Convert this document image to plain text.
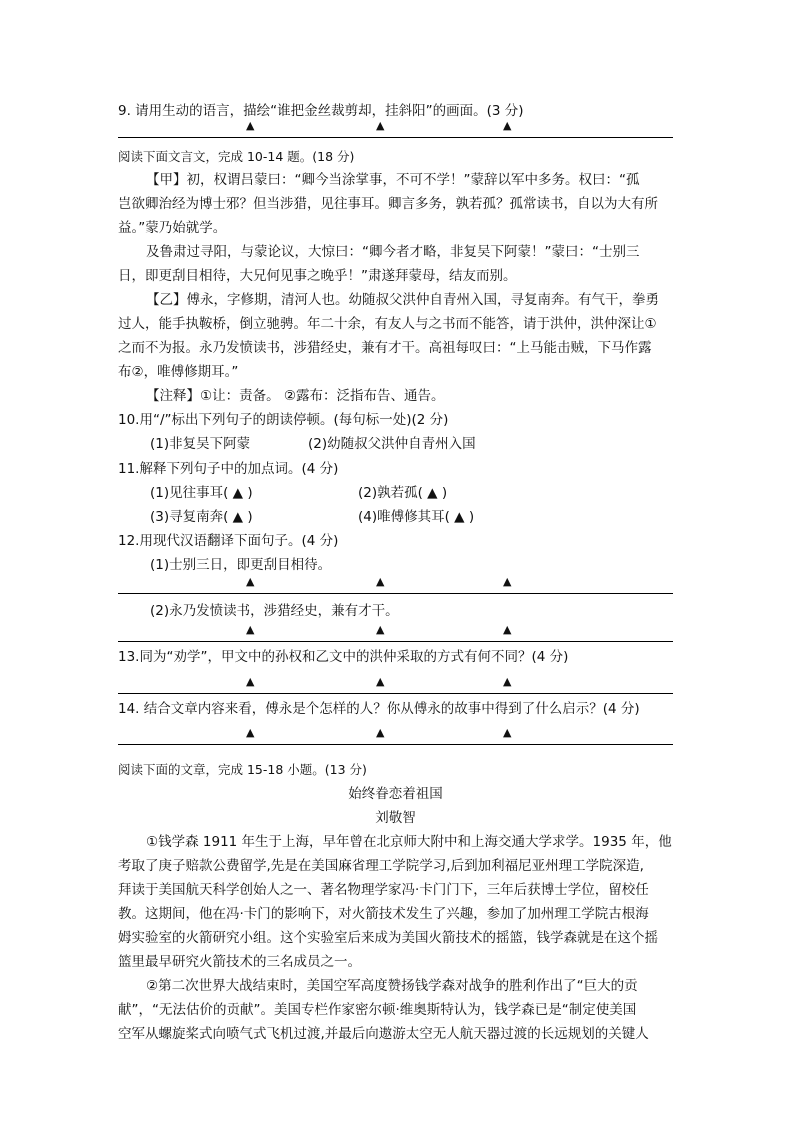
9. 请用生动的语言，描绘“谁把金丝裁剪却，挂斜阳”的画面。(3 分)
▲	▲	▲
阅读下面文言文，完成 10-14 题。(18 分)
【甲】初，权谓吕蒙曰：“卿今当涂掌事，不可不学！”蒙辞以军中多务。权曰：“孤
岂欲卿治经为博士邪？但当涉猎，见往事耳。卿言多务，孰若孤？孤常读书，自以为大有所
益。”蒙乃始就学。
及鲁肃过寻阳，与蒙论议，大惊曰：“卿今者才略，非复吴下阿蒙！”蒙曰：“士别三
日，即更刮目相待，大兄何见事之晚乎！”肃遂拜蒙母，结友而别。
【乙】傅永，字修期，清河人也。幼随叔父洪仲自青州入国，寻复南奔。有气干，拳勇
过人，能手执鞍桥，倒立驰骋。年二十余，有友人与之书而不能答，请于洪仲，洪仲深让①
之而不为报。永乃发愤读书，涉猎经史，兼有才干。高祖每叹曰：“上马能击贼，下马作露
布②，唯傅修期耳。”
【注释】①让：责备。 ②露布：泛指布告、通告。
10.用“/”标出下列句子的朗读停顿。(每句标一处)(2 分)
(1)非复吴下阿蒙	(2)幼随叔父洪仲自青州入国
11.解释下列句子中的加点词。(4 分)
(1)见往事耳( ▲ )	(2)孰若孤( ▲ )
(3)寻复南奔( ▲ )	(4)唯傅修其耳( ▲ )
12.用现代汉语翻译下面句子。(4 分)
(1)士别三日，即更刮目相待。
▲	▲	▲
(2)永乃发愤读书，涉猎经史，兼有才干。
▲	▲	▲
13.同为“劝学”，甲文中的孙权和乙文中的洪仲采取的方式有何不同？(4 分)
▲	▲	▲
14. 结合文章内容来看，傅永是个怎样的人？你从傅永的故事中得到了什么启示？(4 分)
▲	▲	▲
阅读下面的文章，完成 15-18 小题。(13 分)
始终眷恋着祖国
刘敬智
①钱学森 1911 年生于上海，早年曾在北京师大附中和上海交通大学求学。1935 年，他
考取了庚子赔款公费留学,先是在美国麻省理工学院学习,后到加利福尼亚州理工学院深造,
拜读于美国航天科学创始人之一、著名物理学家冯·卡门门下，三年后获博士学位，留校任
教。这期间，他在冯·卡门的影响下，对火箭技术发生了兴趣，参加了加州理工学院古根海
姆实验室的火箭研究小组。这个实验室后来成为美国火箭技术的摇篮，钱学森就是在这个摇
篮里最早研究火箭技术的三名成员之一。
②第二次世界大战结束时，美国空军高度赞扬钱学森对战争的胜利作出了“巨大的贡
献”，“无法估价的贡献”。美国专栏作家密尔顿·维奥斯特认为，钱学森已是“制定使美国
空军从螺旋桨式向喷气式飞机过渡,并最后向遨游太空无人航天器过渡的长远规划的关键人
